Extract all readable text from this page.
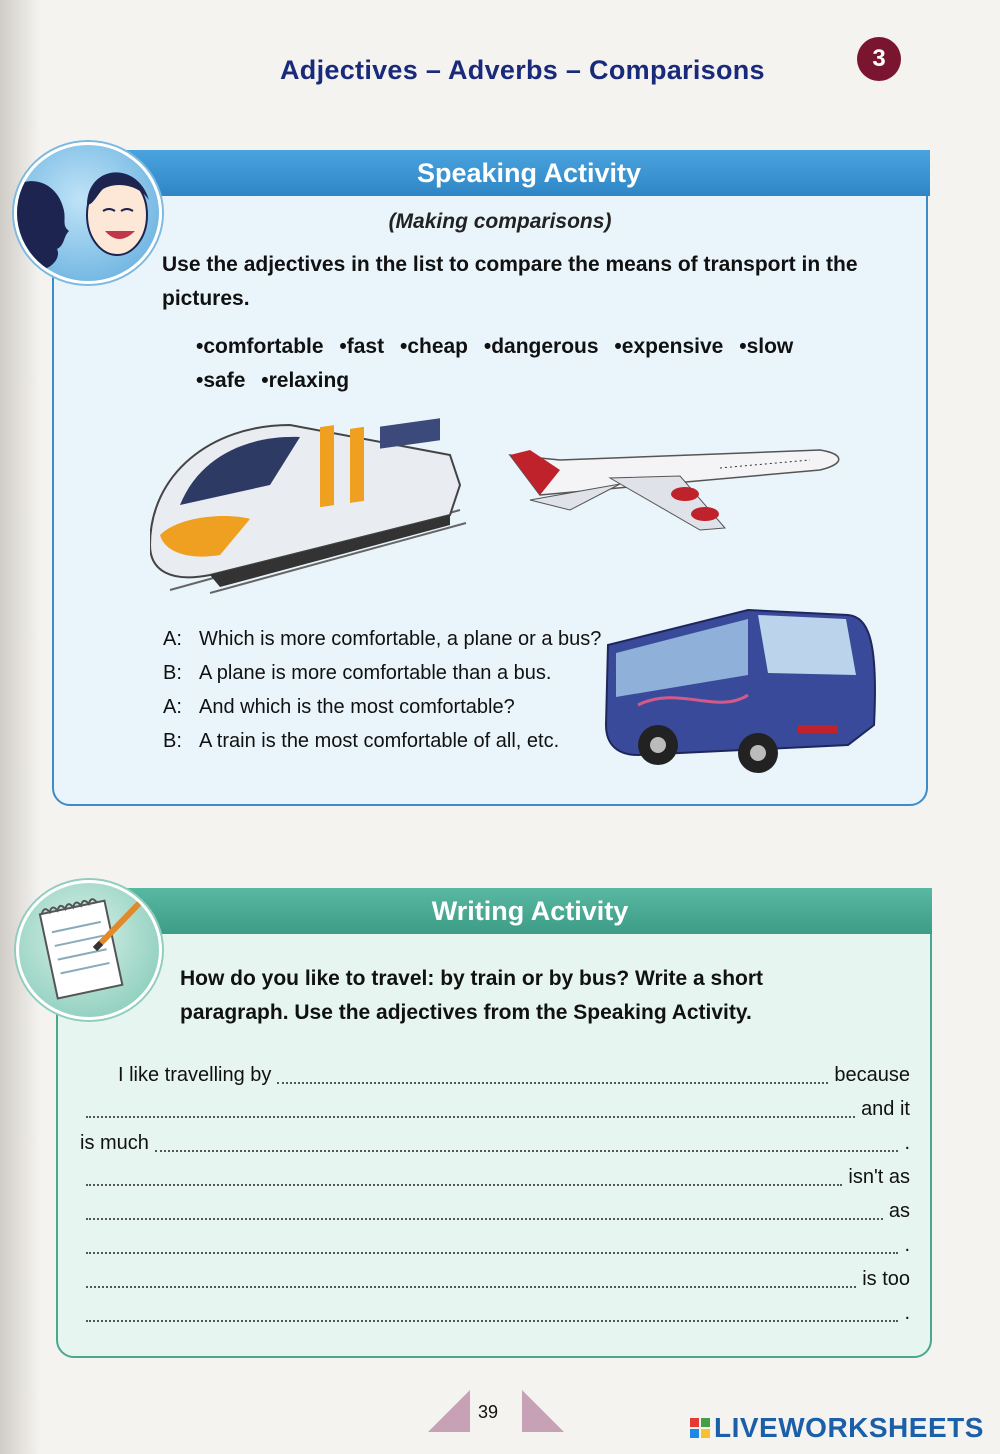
Adjectives – Adverbs – Comparisons	3
Speaking Activity
(Making comparisons)
Use the adjectives in the list to compare the means of transport in the pictures.
• comfortable • fast • cheap • dangerous • expensive • slow
• safe • relaxing
A: Which is more comfortable, a plane or a bus?
B: A plane is more comfortable than a bus.
A: And which is the most comfortable?
B: A train is the most comfortable of all, etc.
Writing Activity
How do you like to travel: by train or by bus? Write a short paragraph. Use the adjectives from the Speaking Activity.
I like travelling by	because
and it
is much	.
isn't as
as
.
is too
.
39	LIVEWORKSHEETS
